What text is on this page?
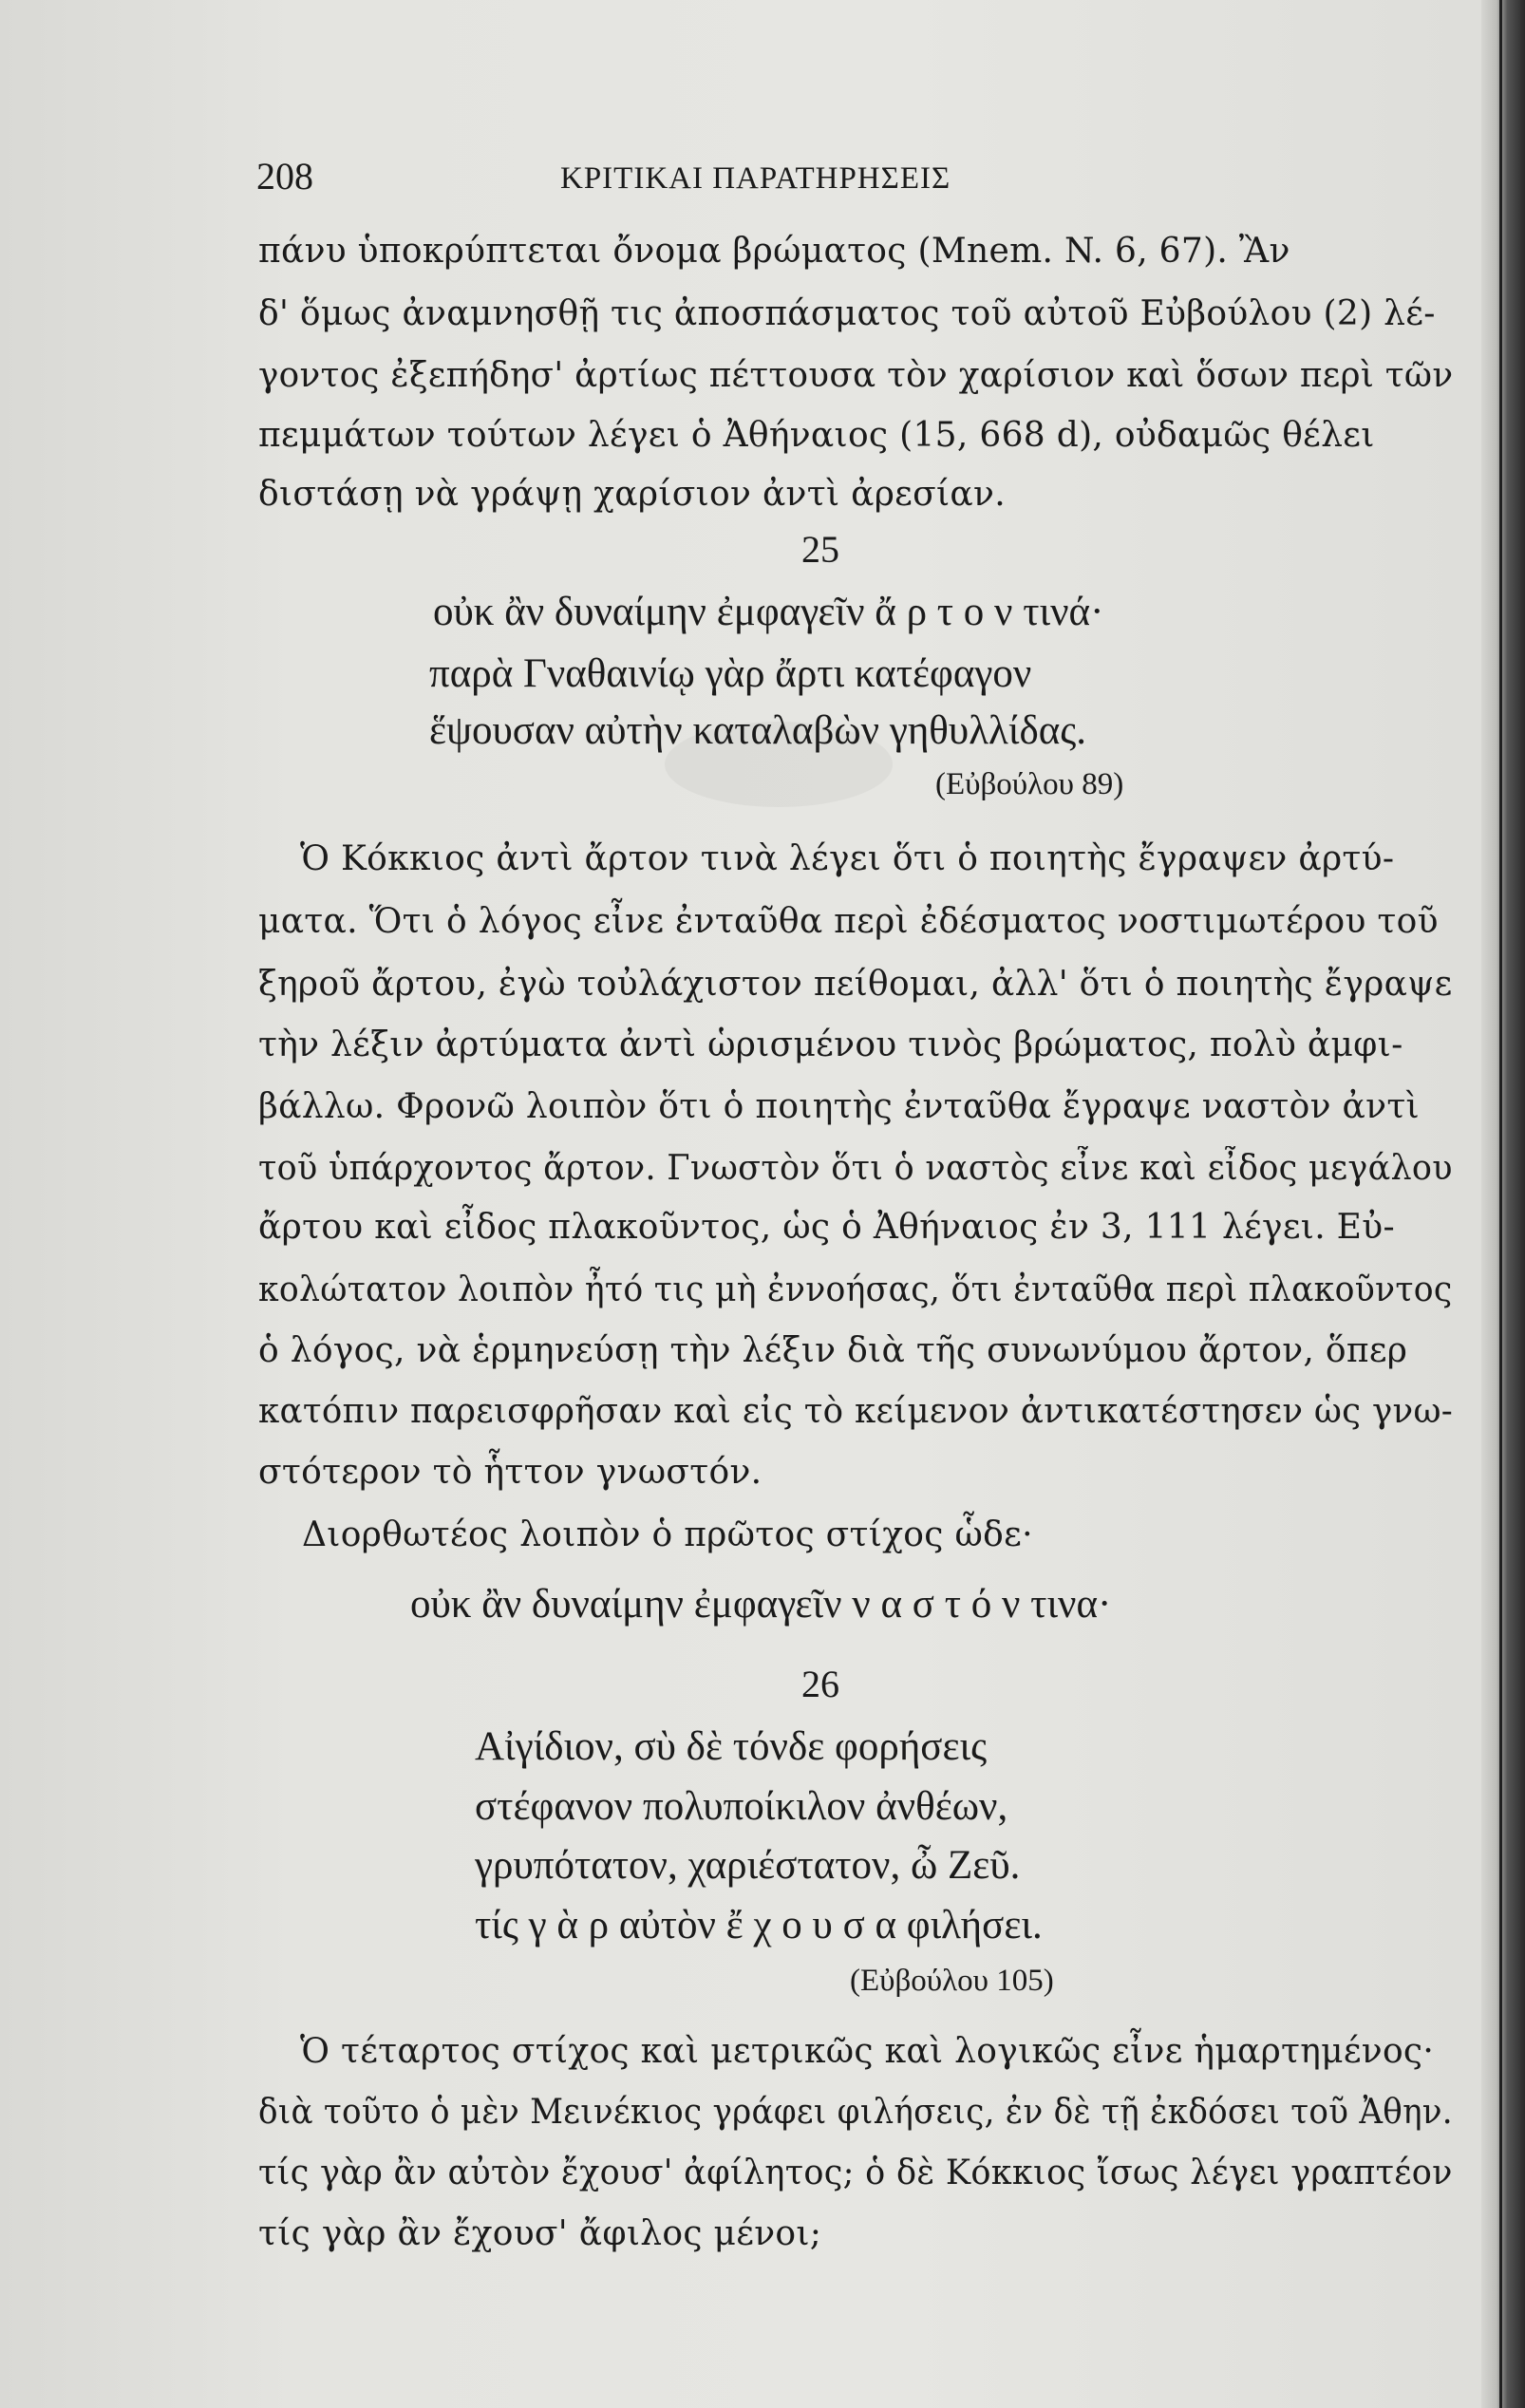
208	ΚΡΙΤΙΚΑΙ ΠΑΡΑΤΗΡΗΣΕΙΣ
πάνυ ὑποκρύπτεται ὄνομα βρώματος (Mnem. N. 6, 67). Ἂν
δ' ὅμως ἀναμνησθῇ τις ἀποσπάσματος τοῦ αὐτοῦ Εὐβούλου (2) λέ-
γοντος ἐξεπήδησ' ἀρτίως πέττουσα τὸν χαρίσιον καὶ ὅσων περὶ τῶν
πεμμάτων τούτων λέγει ὁ Ἀθήναιος (15, 668 d), οὐδαμῶς θέλει
διστάσῃ νὰ γράψῃ χαρίσιον ἀντὶ ἀρεσίαν.
25
οὐκ ἂν δυναίμην ἐμφαγεῖν ἄ ρ τ ο ν τινά·
παρὰ Γναθαινίῳ γὰρ ἄρτι κατέφαγον
ἕψουσαν αὐτὴν καταλαβὼν γηθυλλίδας.
(Εὐβούλου 89)
Ὁ Κόκκιος ἀντὶ ἄρτον τινὰ λέγει ὅτι ὁ ποιητὴς ἔγραψεν ἀρτύ-
ματα. Ὅτι ὁ λόγος εἶνε ἐνταῦθα περὶ ἐδέσματος νοστιμωτέρου τοῦ
ξηροῦ ἄρτου, ἐγὼ τοὐλάχιστον πείθομαι, ἀλλ' ὅτι ὁ ποιητὴς ἔγραψε
τὴν λέξιν ἀρτύματα ἀντὶ ὡρισμένου τινὸς βρώματος, πολὺ ἀμφι-
βάλλω. Φρονῶ λοιπὸν ὅτι ὁ ποιητὴς ἐνταῦθα ἔγραψε ναστὸν ἀντὶ
τοῦ ὑπάρχοντος ἄρτον. Γνωστὸν ὅτι ὁ ναστὸς εἶνε καὶ εἶδος μεγάλου
ἄρτου καὶ εἶδος πλακοῦντος, ὡς ὁ Ἀθήναιος ἐν 3, 111 λέγει. Εὐ-
κολώτατον λοιπὸν ἦτό τις μὴ ἐννοήσας, ὅτι ἐνταῦθα περὶ πλακοῦντος
ὁ λόγος, νὰ ἑρμηνεύσῃ τὴν λέξιν διὰ τῆς συνωνύμου ἄρτον, ὅπερ
κατόπιν παρεισφρῆσαν καὶ εἰς τὸ κείμενον ἀντικατέστησεν ὡς γνω-
στότερον τὸ ἧττον γνωστόν.
Διορθωτέος λοιπὸν ὁ πρῶτος στίχος ὧδε·
οὐκ ἂν δυναίμην ἐμφαγεῖν ν α σ τ ό ν τινα·
26
Αἰγίδιον, σὺ δὲ τόνδε φορήσεις
στέφανον πολυποίκιλον ἀνθέων,
γρυπότατον, χαριέστατον, ὦ Ζεῦ.
τίς γ ὰ ρ αὐτὸν ἔ χ ο υ σ α φιλήσει.
(Εὐβούλου 105)
Ὁ τέταρτος στίχος καὶ μετρικῶς καὶ λογικῶς εἶνε ἡμαρτημένος·
διὰ τοῦτο ὁ μὲν Μεινέκιος γράφει φιλήσεις, ἐν δὲ τῇ ἐκδόσει τοῦ Ἀθην.
τίς γὰρ ἂν αὐτὸν ἔχουσ' ἀφίλητος; ὁ δὲ Κόκκιος ἴσως λέγει γραπτέον
τίς γὰρ ἂν ἔχουσ' ἄφιλος μένοι;
